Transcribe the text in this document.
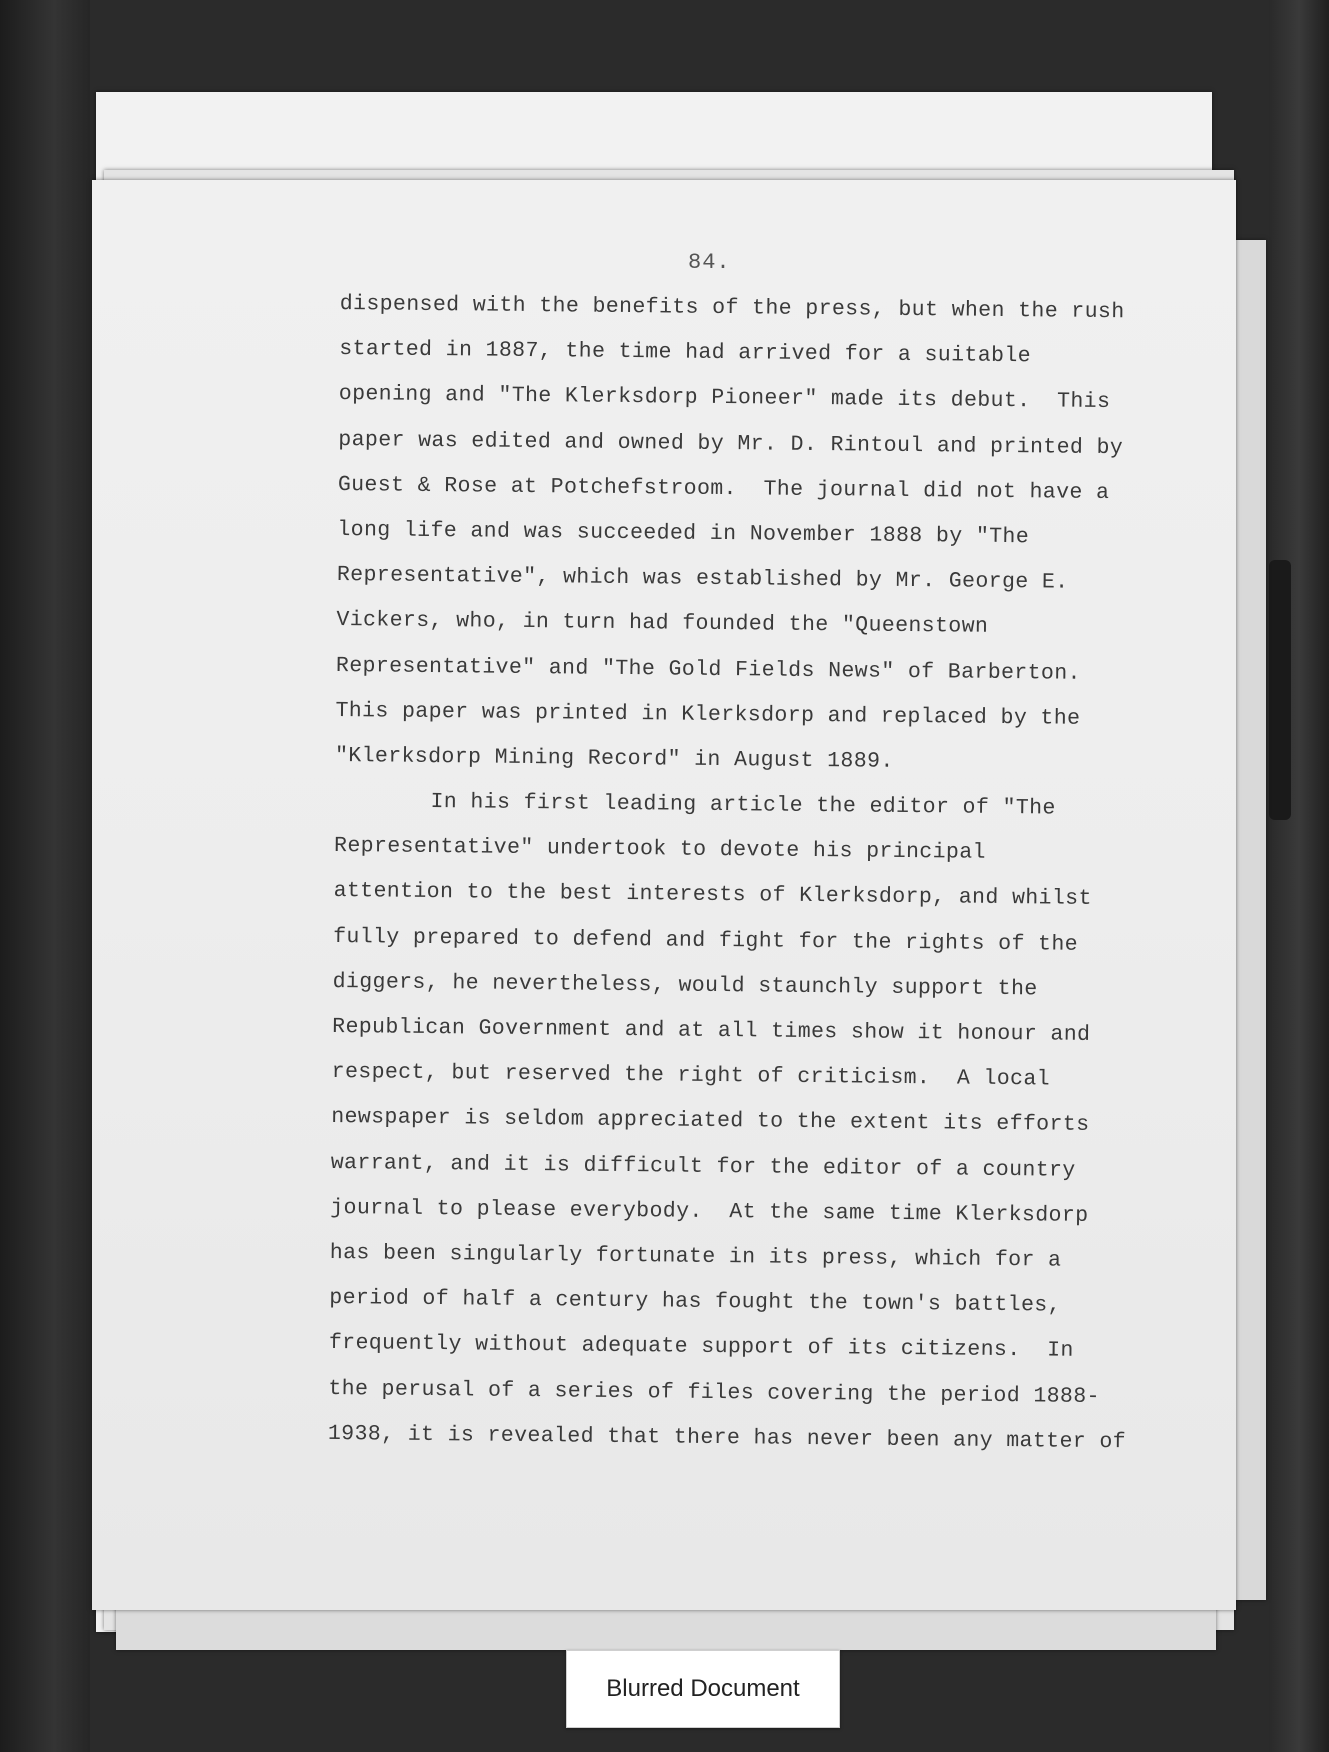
84.
dispensed with the benefits of the press, but when the rush
started in 1887, the time had arrived for a suitable
opening and "The Klerksdorp Pioneer" made its debut.  This
paper was edited and owned by Mr. D. Rintoul and printed by
Guest & Rose at Potchefstroom.  The journal did not have a
long life and was succeeded in November 1888 by "The
Representative", which was established by Mr. George E.
Vickers, who, in turn had founded the "Queenstown
Representative" and "The Gold Fields News" of Barberton.
This paper was printed in Klerksdorp and replaced by the
"Klerksdorp Mining Record" in August 1889.
In his first leading article the editor of "The
Representative" undertook to devote his principal
attention to the best interests of Klerksdorp, and whilst
fully prepared to defend and fight for the rights of the
diggers, he nevertheless, would staunchly support the
Republican Government and at all times show it honour and
respect, but reserved the right of criticism.  A local
newspaper is seldom appreciated to the extent its efforts
warrant, and it is difficult for the editor of a country
journal to please everybody.  At the same time Klerksdorp
has been singularly fortunate in its press, which for a
period of half a century has fought the town's battles,
frequently without adequate support of its citizens.  In
the perusal of a series of files covering the period 1888-
1938, it is revealed that there has never been any matter of
Blurred Document
